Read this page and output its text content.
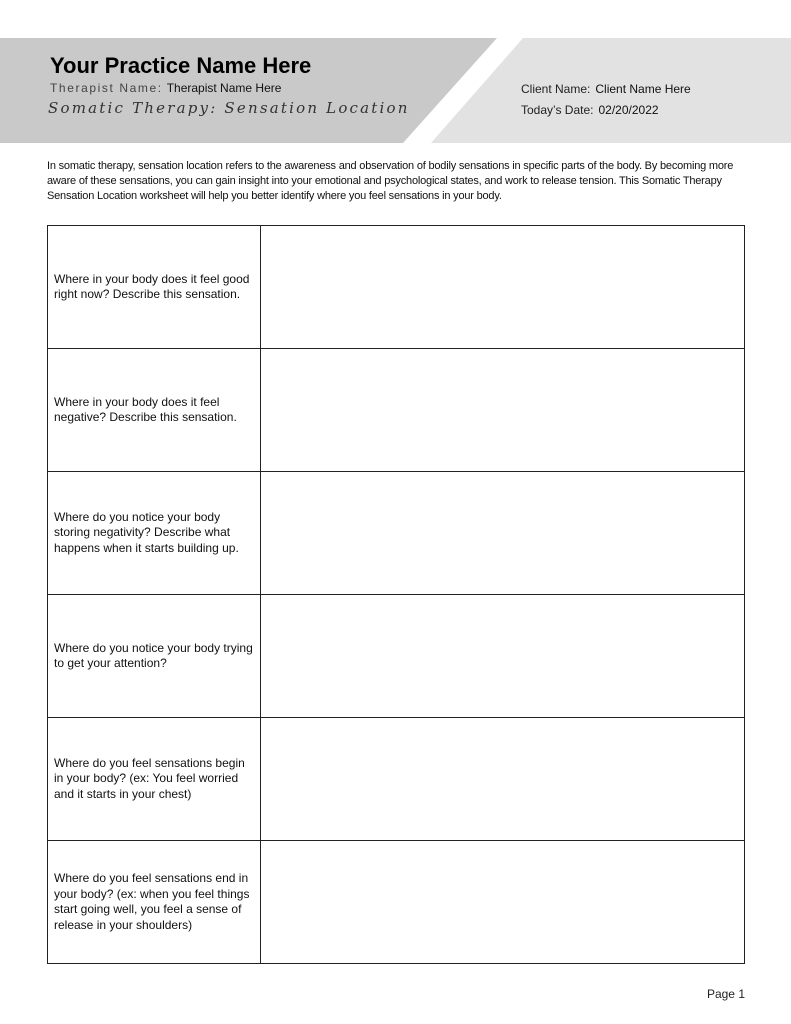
Your Practice Name Here
Therapist Name: Therapist Name Here
Somatic Therapy: Sensation Location
Client Name: Client Name Here
Today’s Date: 02/20/2022

In somatic therapy, sensation location refers to the awareness and observation of bodily sensations in specific parts of the body. By becoming more aware of these sensations, you can gain insight into your emotional and psychological states, and work to release tension. This Somatic Therapy Sensation Location worksheet will help you better identify where you feel sensations in your body.

Where in your body does it feel good right now? Describe this sensation.	
Where in your body does it feel negative? Describe this sensation.	
Where do you notice your body storing negativity? Describe what happens when it starts building up.	
Where do you notice your body trying to get your attention?	
Where do you feel sensations begin in your body? (ex: You feel worried and it starts in your chest)	
Where do you feel sensations end in your body? (ex: when you feel things start going well, you feel a sense of release in your shoulders)	
Page 1
